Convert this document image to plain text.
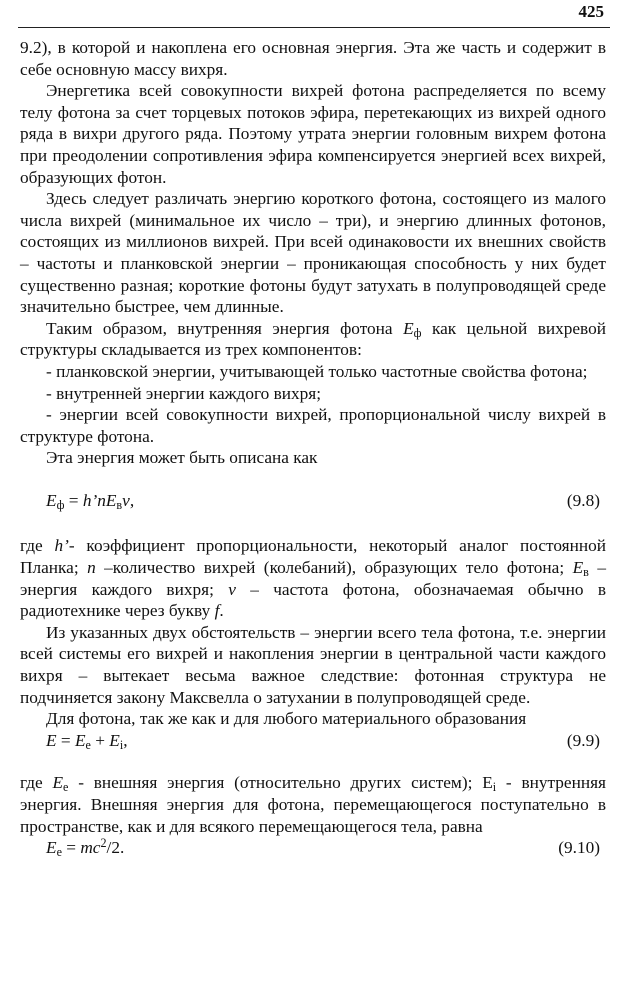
425

9.2), в которой и накоплена его основная энергия. Эта же часть и содержит в себе основную массу вихря.

Энергетика всей совокупности вихрей фотона распределяется по всему телу фотона за счет торцевых потоков эфира, перетекающих из вихрей одного ряда в вихри другого ряда. Поэтому утрата энергии головным вихрем фотона при преодолении сопротивления эфира компенсируется энергией всех вихрей, образующих фотон.

Здесь следует различать энергию короткого фотона, состоящего из малого числа вихрей (минимальное их число – три), и энергию длинных фотонов, состоящих из миллионов вихрей. При всей одинаковости их внешних свойств – частоты и планковской энергии – проникающая способность у них будет существенно разная; короткие фотоны будут затухать в полупроводящей среде значительно быстрее, чем длинные.

Таким образом, внутренняя энергия фотона $E_ф$ как цельной вихревой структуры складывается из трех компонентов:

- планковской энергии, учитывающей только частотные свойства фотона;

- внутренней энергии каждого вихря;

- энергии всей совокупности вихрей, пропорциональной числу вихрей в структуре фотона.

Эта энергия может быть описана как

$E_ф$ = $h’nE_вv$,	(9.8)

где h’- коэффициент пропорциональности, некоторый аналог постоянной Планка; n –количество вихрей (колебаний), образующих тело фотона; $E_в$ – энергия каждого вихря; v – частота фотона, обозначаемая обычно в радиотехнике через букву f.

Из указанных двух обстоятельств – энергии всего тела фотона, т.е. энергии всей системы его вихрей и накопления энергии в центральной части каждого вихря – вытекает весьма важное следствие: фотонная структура не подчиняется закону Максвелла о затухании в полупроводящей среде.

Для фотона, так же как и для любого материального образования

$E = E_е + E_i$,	(9.9)

где $E_е$ - внешняя энергия (относительно других систем); $E_i$ - внутренняя энергия. Внешняя энергия для фотона, перемещающегося поступательно в пространстве, как и для всякого перемещающегося тела, равна

$E_е = mc^2/2$.	(9.10)
